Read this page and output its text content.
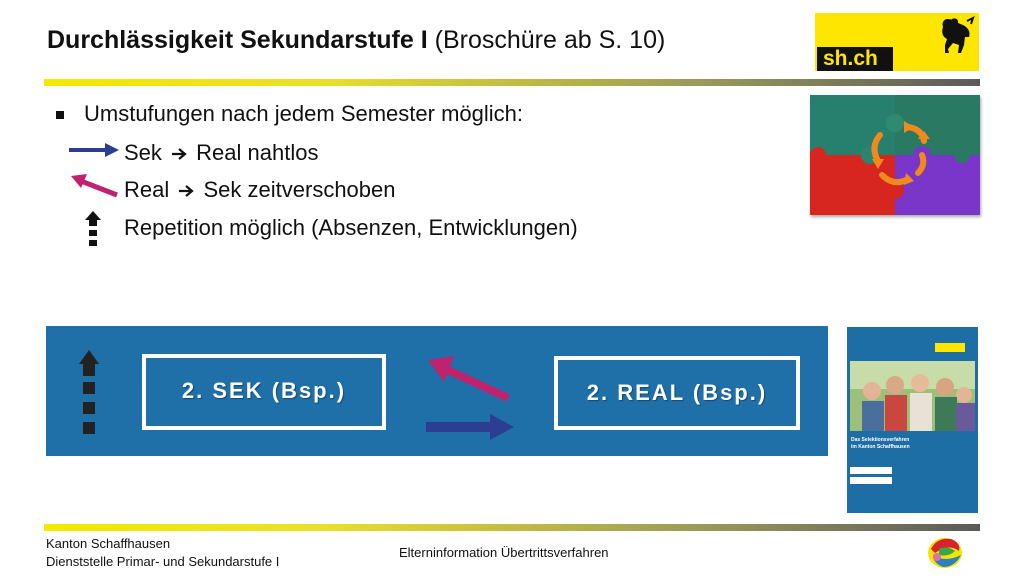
Durchlässigkeit Sekundarstufe I (Broschüre ab S. 10)
sh.ch
Umstufungen nach jedem Semester möglich:
Sek Real nahtlos
Real Sek zeitverschoben
Repetition möglich (Absenzen, Entwicklungen)
2. SEK (Bsp.)	2. REAL (Bsp.)
Das Selektionsverfahren
im Kanton Schaffhausen
Kanton Schaffhausen
Dienststelle Primar- und Sekundarstufe I
Elterninformation Übertrittsverfahren
